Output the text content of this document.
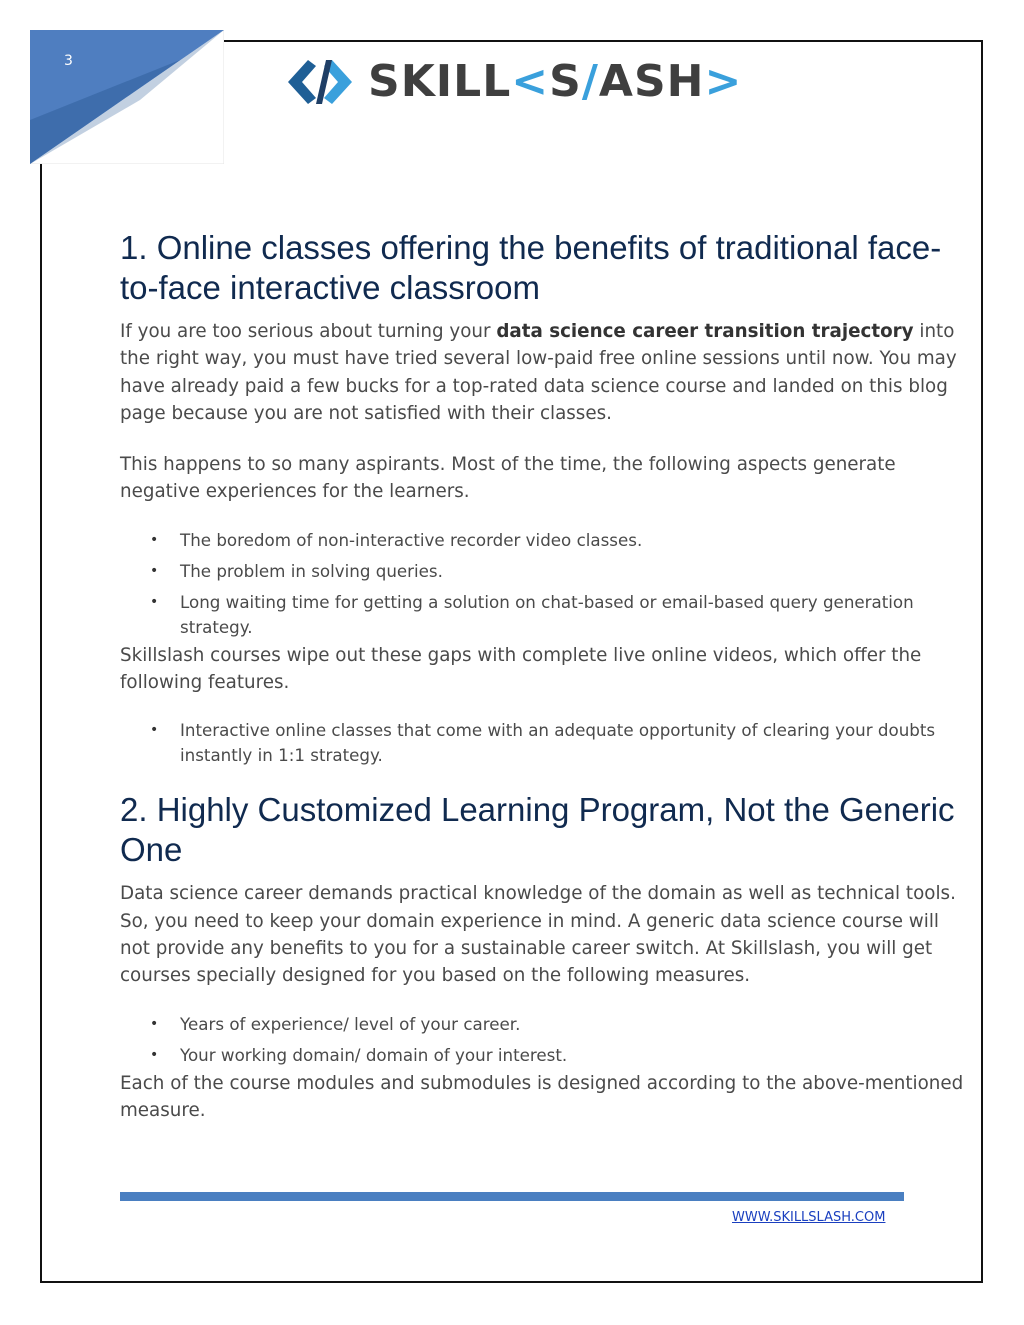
3	SKILL<S/ASH>
1. Online classes offering the benefits of traditional face-to-face interactive classroom

If you are too serious about turning your data science career transition trajectory into the right way, you must have tried several low-paid free online sessions until now. You may have already paid a few bucks for a top-rated data science course and landed on this blog page because you are not satisfied with their classes.

This happens to so many aspirants. Most of the time, the following aspects generate negative experiences for the learners.

• The boredom of non-interactive recorder video classes.
• The problem in solving queries.
• Long waiting time for getting a solution on chat-based or email-based query generation strategy.

Skillslash courses wipe out these gaps with complete live online videos, which offer the following features.

• Interactive online classes that come with an adequate opportunity of clearing your doubts instantly in 1:1 strategy.
2. Highly Customized Learning Program, Not the Generic One

Data science career demands practical knowledge of the domain as well as technical tools. So, you need to keep your domain experience in mind. A generic data science course will not provide any benefits to you for a sustainable career switch. At Skillslash, you will get courses specially designed for you based on the following measures.

• Years of experience/ level of your career.
• Your working domain/ domain of your interest.

Each of the course modules and submodules is designed according to the above-mentioned measure.

WWW.SKILLSLASH.COM
